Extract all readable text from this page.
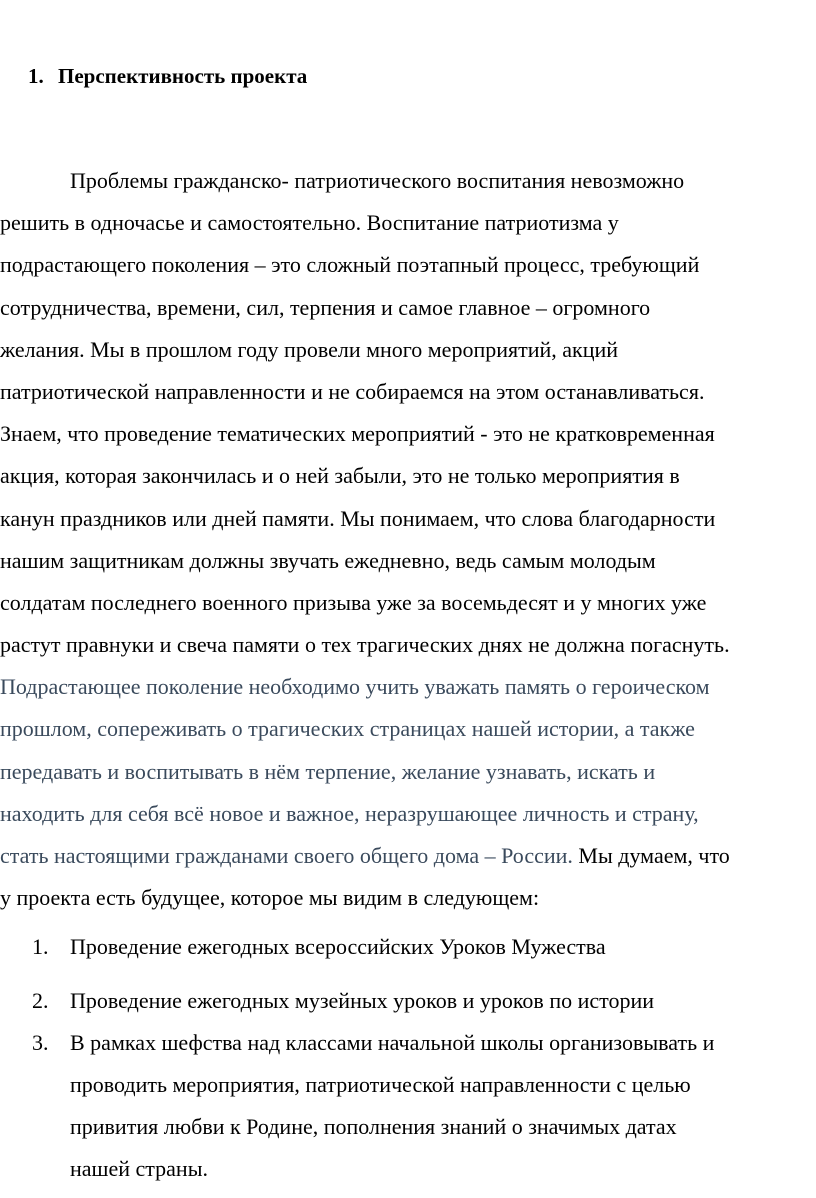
1. Перспективность проекта
Проблемы гражданско- патриотического воспитания невозможно
решить в одночасье и самостоятельно. Воспитание патриотизма у
подрастающего поколения – это сложный поэтапный процесс, требующий
сотрудничества, времени, сил, терпения и самое главное – огромного
желания. Мы в прошлом году провели много мероприятий, акций
патриотической направленности и не собираемся на этом останавливаться.
Знаем, что проведение тематических мероприятий - это не кратковременная
акция, которая закончилась и о ней забыли, это не только мероприятия в
канун праздников или дней памяти. Мы понимаем, что слова благодарности
нашим защитникам должны звучать ежедневно, ведь самым молодым
солдатам последнего военного призыва уже за восемьдесят и у многих уже
растут правнуки и свеча памяти о тех трагических днях не должна погаснуть.
Подрастающее поколение необходимо учить уважать память о героическом
прошлом, сопереживать о трагических страницах нашей истории, а также
передавать и воспитывать в нём терпение, желание узнавать, искать и
находить для себя всё новое и важное, неразрушающее личность и страну,
стать настоящими гражданами своего общего дома – России. Мы думаем, что
у проекта есть будущее, которое мы видим в следующем:
1. Проведение ежегодных всероссийских Уроков Мужества
2. Проведение ежегодных музейных уроков и уроков по истории
3. В рамках шефства над классами начальной школы организовывать и
проводить мероприятия, патриотической направленности с целью
привития любви к Родине, пополнения знаний о значимых датах
нашей страны.
